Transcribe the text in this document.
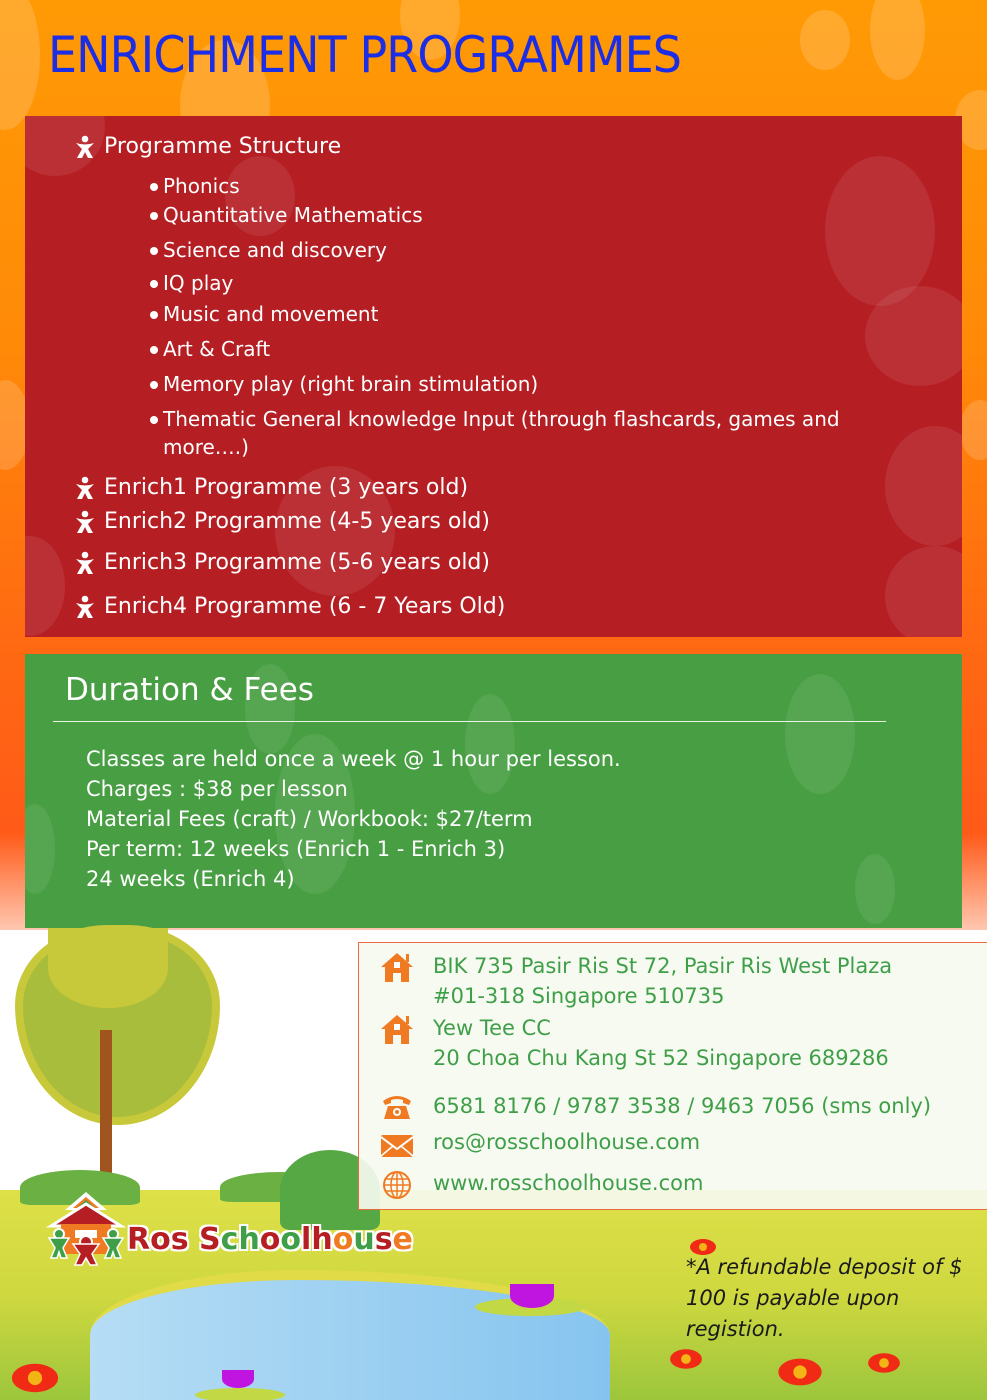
ENRICHMENT PROGRAMMES
Programme Structure
Phonics
Quantitative Mathematics
Science and discovery
IQ play
Music and movement
Art & Craft
Memory play (right brain stimulation)
Thematic General knowledge Input (through flashcards, games and more….)
Enrich1 Programme (3 years old)
Enrich2 Programme (4-5 years old)
Enrich3 Programme (5-6 years old)
Enrich4 Programme (6 - 7 Years Old)
Duration & Fees
Classes are held once a week @ 1 hour per lesson.
Charges : $38 per lesson
Material Fees (craft) / Workbook: $27/term
Per term: 12 weeks (Enrich 1 - Enrich 3)
24 weeks (Enrich 4)
BIK 735 Pasir Ris St 72, Pasir Ris West Plaza
#01-318 Singapore 510735
Yew Tee CC
20 Choa Chu Kang St 52 Singapore 689286
6581 8176 / 9787 3538 / 9463 7056 (sms only)
ros@rosschoolhouse.com
www.rosschoolhouse.com
Ros Schoolhouse
*A refundable deposit of $ 100 is payable upon registion.
